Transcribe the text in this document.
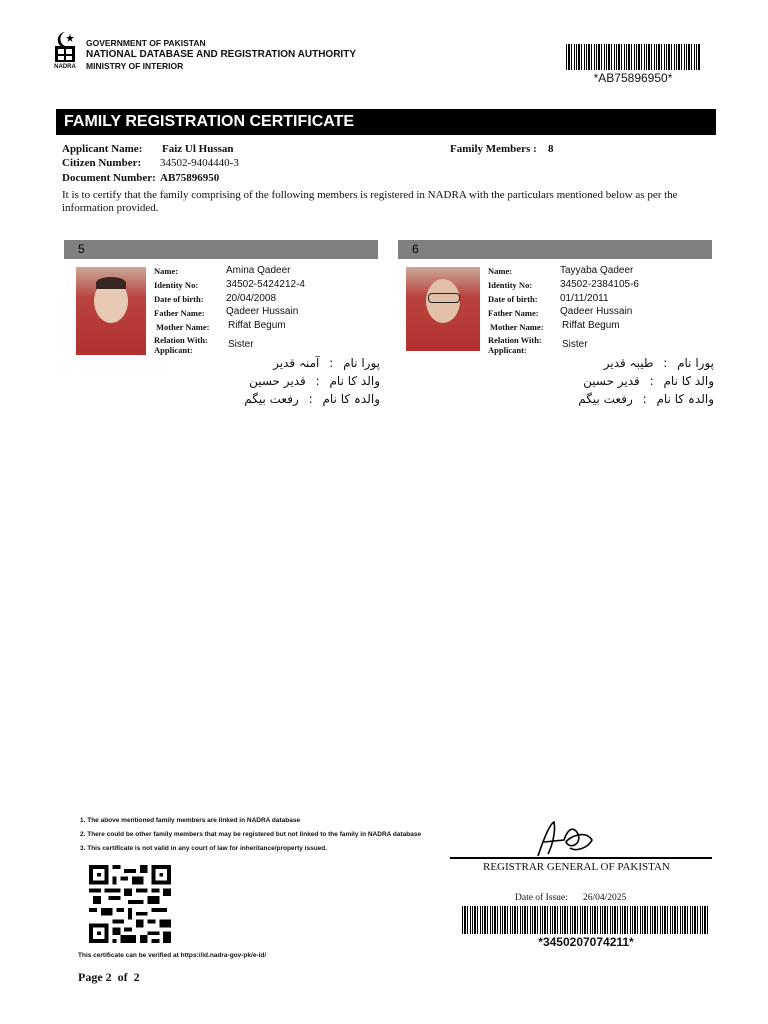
NADRA
GOVERNMENT OF PAKISTAN
NATIONAL DATABASE AND REGISTRATION AUTHORITY
MINISTRY OF INTERIOR
*AB75896950*
FAMILY REGISTRATION CERTIFICATE
Applicant Name: Faiz Ul Hussan
Citizen Number: 34502-9404440-3
Document Number: AB75896950
Family Members : 8
It is to certify that the family comprising of the following members is registered in NADRA with the particulars mentioned below as per the information provided.
5
Name:	Amina Qadeer
Identity No:	34502-5424212-4
Date of birth: 20/04/2008
Father Name: Qadeer Hussain
Mother Name: Riffat Begum
Relation With: Applicant:	Sister
پورا نام : آمنہ قدیر
والد کا نام : قدیر حسین
والدہ کا نام : رفعت بیگم
6
Name:	Tayyaba Qadeer
Identity No:	34502-2384105-6
Date of birth: 01/11/2011
Father Name: Qadeer Hussain
Mother Name: Riffat Begum
Relation With: Applicant:	Sister
پورا نام : طیبہ قدیر
والد کا نام : قدیر حسین
والدہ کا نام : رفعت بیگم
1. The above mentioned family members are linked in NADRA database
2. There could be other family members that may be registered but not linked to the family in NADRA database
3. This certificate is not valid in any court of law for inheritance/property issued.
REGISTRAR GENERAL OF PAKISTAN
Date of Issue: 26/04/2025
*3450207074211*
This certificate can be verified at https://id.nadra-gov-pk/e-id/
Page 2  of  2
